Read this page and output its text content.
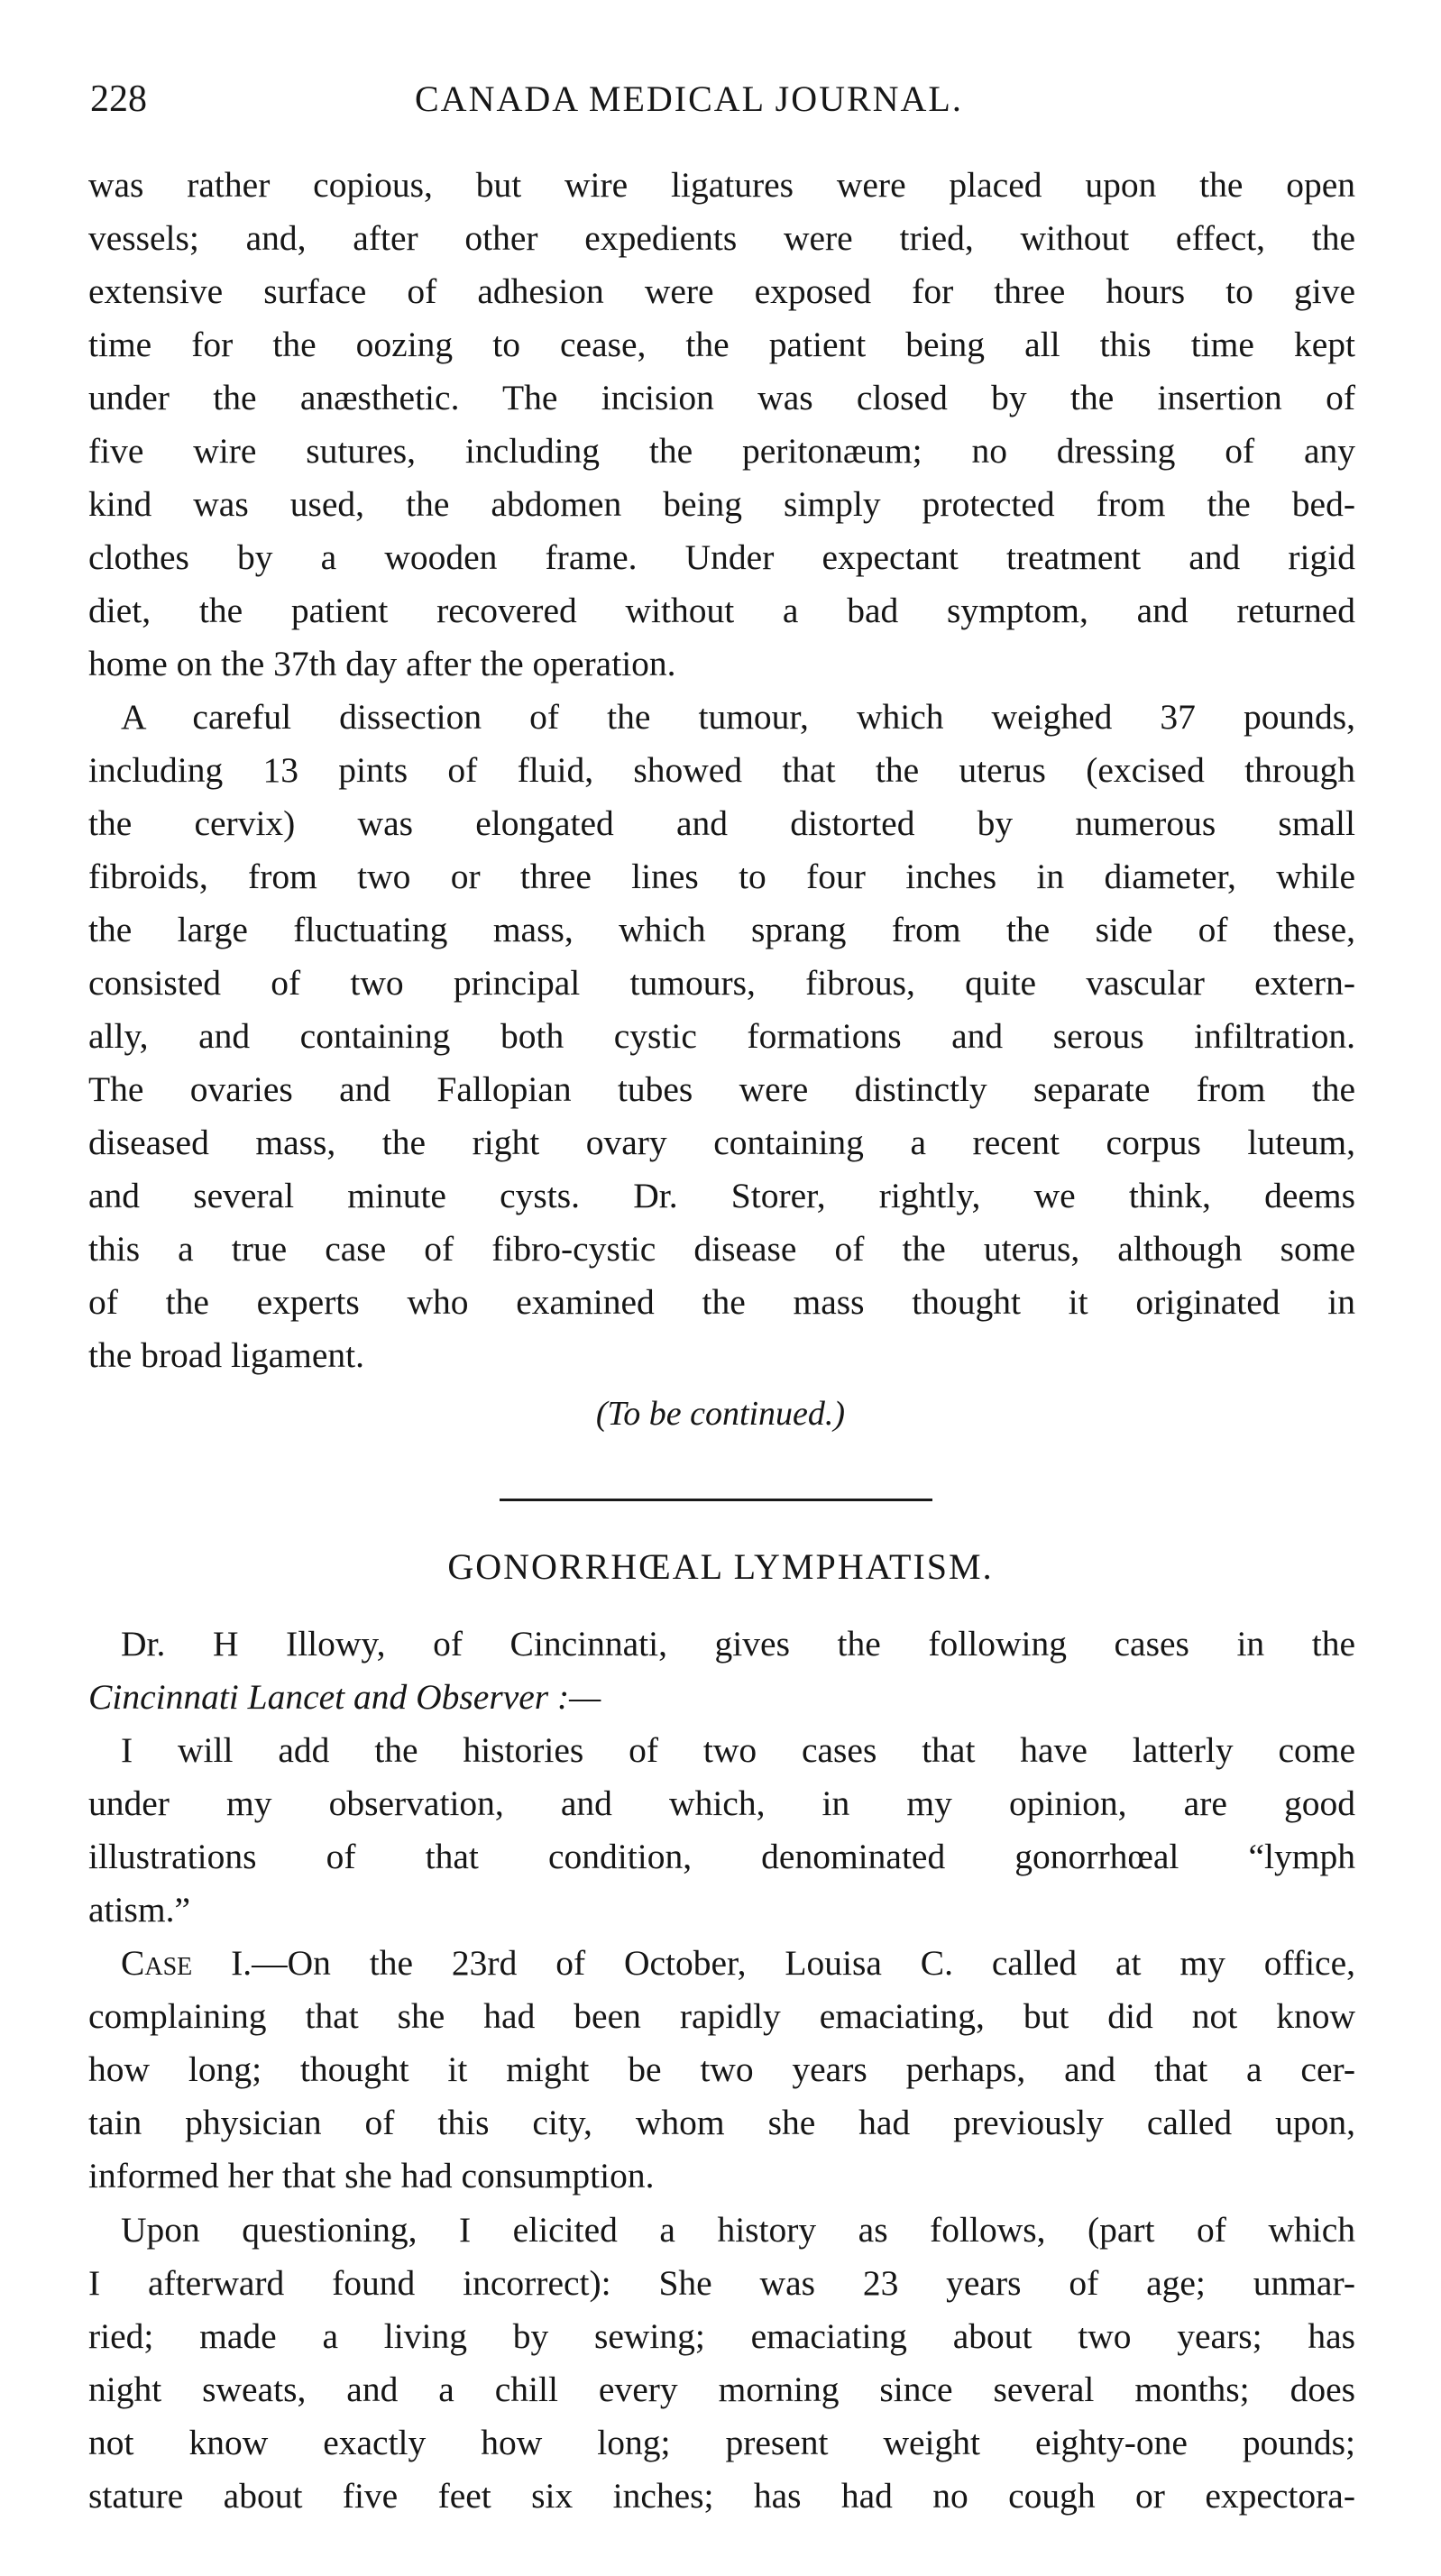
228	CANADA MEDICAL JOURNAL.
was rather copious, but wire ligatures were placed upon the open
vessels; and, after other expedients were tried, without effect, the
extensive surface of adhesion were exposed for three hours to give
time for the oozing to cease, the patient being all this time kept
under the anæsthetic. The incision was closed by the insertion of
five wire sutures, including the peritonæum; no dressing of any
kind was used, the abdomen being simply protected from the bed-
clothes by a wooden frame. Under expectant treatment and rigid
diet, the patient recovered without a bad symptom, and returned
home on the 37th day after the operation.
A careful dissection of the tumour, which weighed 37 pounds,
including 13 pints of fluid, showed that the uterus (excised through
the cervix) was elongated and distorted by numerous small
fibroids, from two or three lines to four inches in diameter, while
the large fluctuating mass, which sprang from the side of these,
consisted of two principal tumours, fibrous, quite vascular extern-
ally, and containing both cystic formations and serous infiltration.
The ovaries and Fallopian tubes were distinctly separate from the
diseased mass, the right ovary containing a recent corpus luteum,
and several minute cysts. Dr. Storer, rightly, we think, deems
this a true case of fibro-cystic disease of the uterus, although some
of the experts who examined the mass thought it originated in
the broad ligament.
(To be continued.)
GONORRHŒAL LYMPHATISM.
Dr. H Illowy, of Cincinnati, gives the following cases in the
Cincinnati Lancet and Observer :—
I will add the histories of two cases that have latterly come
under my observation, and which, in my opinion, are good
illustrations of that condition, denominated gonorrhœal “lymph
atism.”
Case I.—On the 23rd of October, Louisa C. called at my office,
complaining that she had been rapidly emaciating, but did not know
how long; thought it might be two years perhaps, and that a cer-
tain physician of this city, whom she had previously called upon,
informed her that she had consumption.
Upon questioning, I elicited a history as follows, (part of which
I afterward found incorrect): She was 23 years of age; unmar-
ried; made a living by sewing; emaciating about two years; has
night sweats, and a chill every morning since several months; does
not know exactly how long; present weight eighty-one pounds;
stature about five feet six inches; has had no cough or expectora-
